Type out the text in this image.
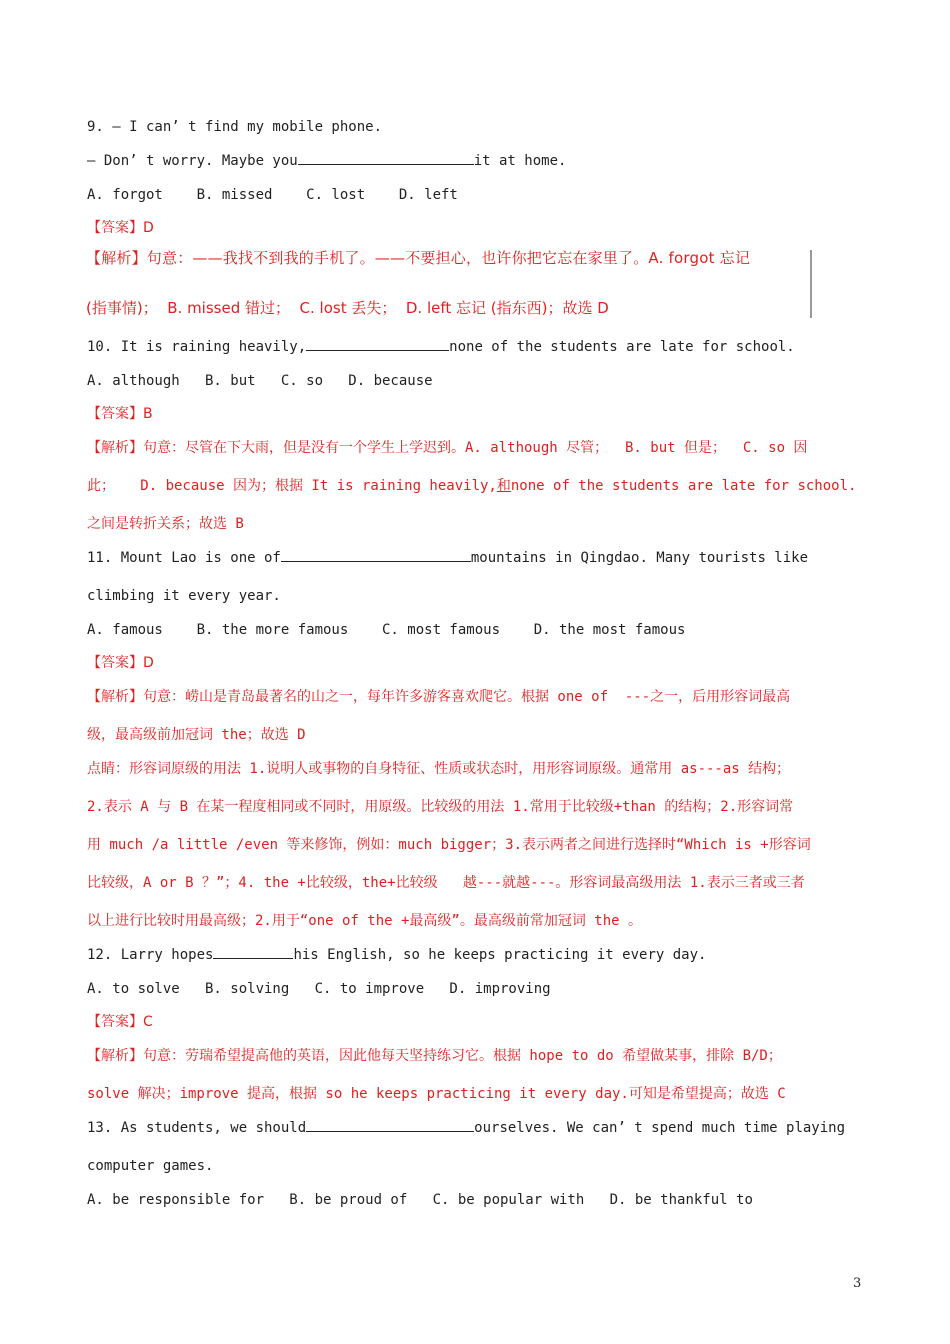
9. — I can’ t find my mobile phone.
— Don’ t worry. Maybe you	it at home.
A. forgot    B. missed    C. lost    D. left
【答案】D
【解析】句意：——我找不到我的手机了。——不要担心，也许你把它忘在家里了。A. forgot 忘记
(指事情)；  B. missed 错过；  C. lost 丢失；  D. left 忘记 (指东西)；故选 D
10. It is raining heavily,	none of the students are late for school.
A. although   B. but   C. so   D. because
【答案】B
【解析】句意：尽管在下大雨，但是没有一个学生上学迟到。A. although 尽管；  B. but 但是；  C. so 因
此；   D. because 因为；根据 It is raining heavily,和none of the students are late for school.
之间是转折关系；故选 B
11. Mount Lao is one of	mountains in Qingdao. Many tourists like
climbing it every year.
A. famous    B. the more famous    C. most famous    D. the most famous
【答案】D
【解析】句意：崂山是青岛最著名的山之一，每年许多游客喜欢爬它。根据 one of  ---之一，后用形容词最高
级，最高级前加冠词 the；故选 D
点睛：形容词原级的用法 1.说明人或事物的自身特征、性质或状态时，用形容词原级。通常用 as---as 结构；
2.表示 A 与 B 在某一程度相同或不同时，用原级。比较级的用法 1.常用于比较级+than 的结构；2.形容词常
用 much /a little /even 等来修饰，例如：much bigger；3.表示两者之间进行选择时“Which is +形容词
比较级，A or B ？”；4. the +比较级，the+比较级   越---就越---。形容词最高级用法 1.表示三者或三者
以上进行比较时用最高级；2.用于“one of the +最高级”。最高级前常加冠词 the 。
12. Larry hopes	his English, so he keeps practicing it every day.
A. to solve   B. solving   C. to improve   D. improving
【答案】C
【解析】句意：劳瑞希望提高他的英语，因此他每天坚持练习它。根据 hope to do 希望做某事，排除 B/D；
solve 解决；improve 提高，根据 so he keeps practicing it every day.可知是希望提高；故选 C
13. As students, we should	ourselves. We can’ t spend much time playing
computer games.
A. be responsible for   B. be proud of   C. be popular with   D. be thankful to
3
